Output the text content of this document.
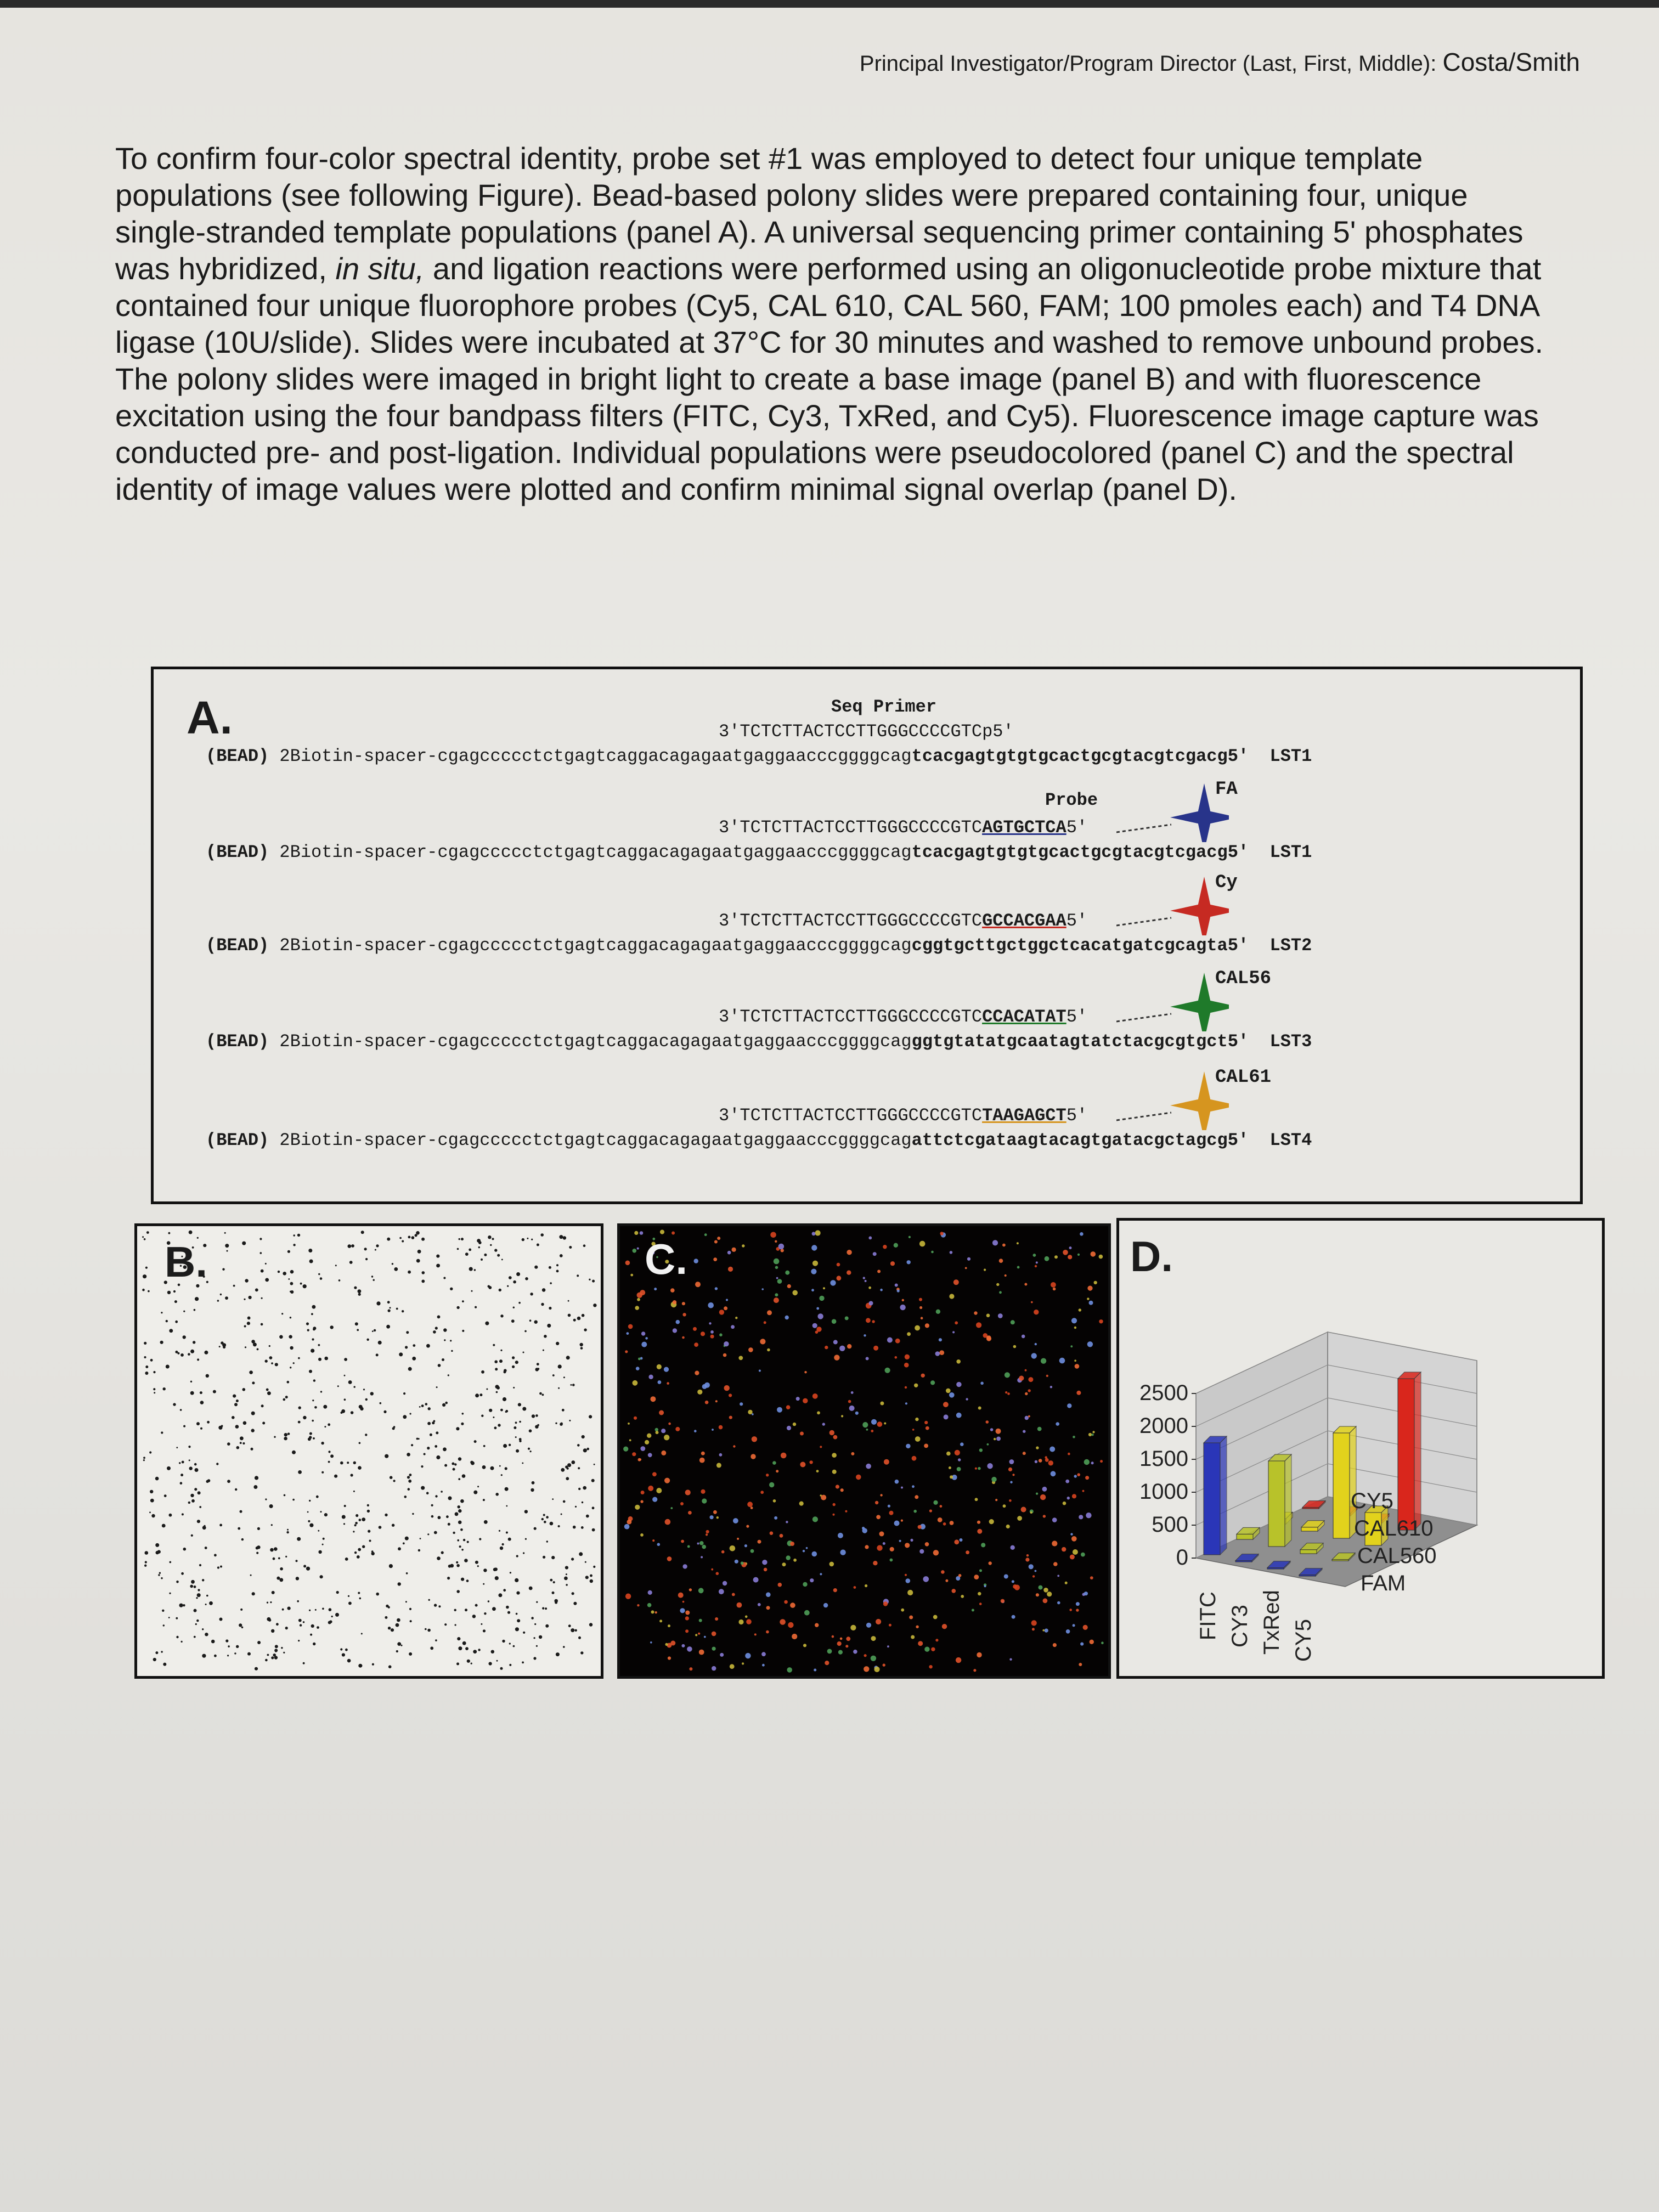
Principal Investigator/Program Director (Last, First, Middle): Costa/Smith
To confirm four-color spectral identity, probe set #1 was employed to detect four unique template populations (see following Figure). Bead-based polony slides were prepared containing four, unique single-stranded template populations (panel A). A universal sequencing primer containing 5' phosphates was hybridized, in situ, and ligation reactions were performed using an oligonucleotide probe mixture that contained four unique fluorophore probes (Cy5, CAL 610, CAL 560, FAM; 100 pmoles each) and T4 DNA ligase (10U/slide). Slides were incubated at 37°C for 30 minutes and washed to remove unbound probes. The polony slides were imaged in bright light to create a base image (panel B) and with fluorescence excitation using the four bandpass filters (FITC, Cy3, TxRed, and Cy5). Fluorescence image capture was conducted pre- and post-ligation. Individual populations were pseudocolored (panel C) and the spectral identity of image values were plotted and confirm minimal signal overlap (panel D).
A.	Seq Primer
Probe
3'TCTCTTACTCCTTGGGCCCCGTCp5'
(BEAD) 2Biotin-spacer-cgagccccctctgagtcaggacagagaatgaggaacccggggcagtcacgagtgtgtgcactgcgtacgtcgacg5'  LST1
3'TCTCTTACTCCTTGGGCCCCGTCAGTGCTCA5'
(BEAD) 2Biotin-spacer-cgagccccctctgagtcaggacagagaatgaggaacccggggcagtcacgagtgtgtgcactgcgtacgtcgacg5'  LST1
FA
3'TCTCTTACTCCTTGGGCCCCGTCGCCACGAA5'
(BEAD) 2Biotin-spacer-cgagccccctctgagtcaggacagagaatgaggaacccggggcagcggtgcttgctggctcacatgatcgcagta5'  LST2
Cy
3'TCTCTTACTCCTTGGGCCCCGTCCCACATAT5'
(BEAD) 2Biotin-spacer-cgagccccctctgagtcaggacagagaatgaggaacccggggcagggtgtatatgcaatagtatctacgcgtgct5'  LST3
CAL56
3'TCTCTTACTCCTTGGGCCCCGTCTAAGAGCT5'
(BEAD) 2Biotin-spacer-cgagccccctctgagtcaggacagagaatgaggaacccggggcagattctcgataagtacagtgatacgctagcg5'  LST4
CAL61
B.	C.
2500
2000
1500
1000
500
0
FITC CY3 TxRed CY5
FAM
CAL560
CAL610
CY5
D.
